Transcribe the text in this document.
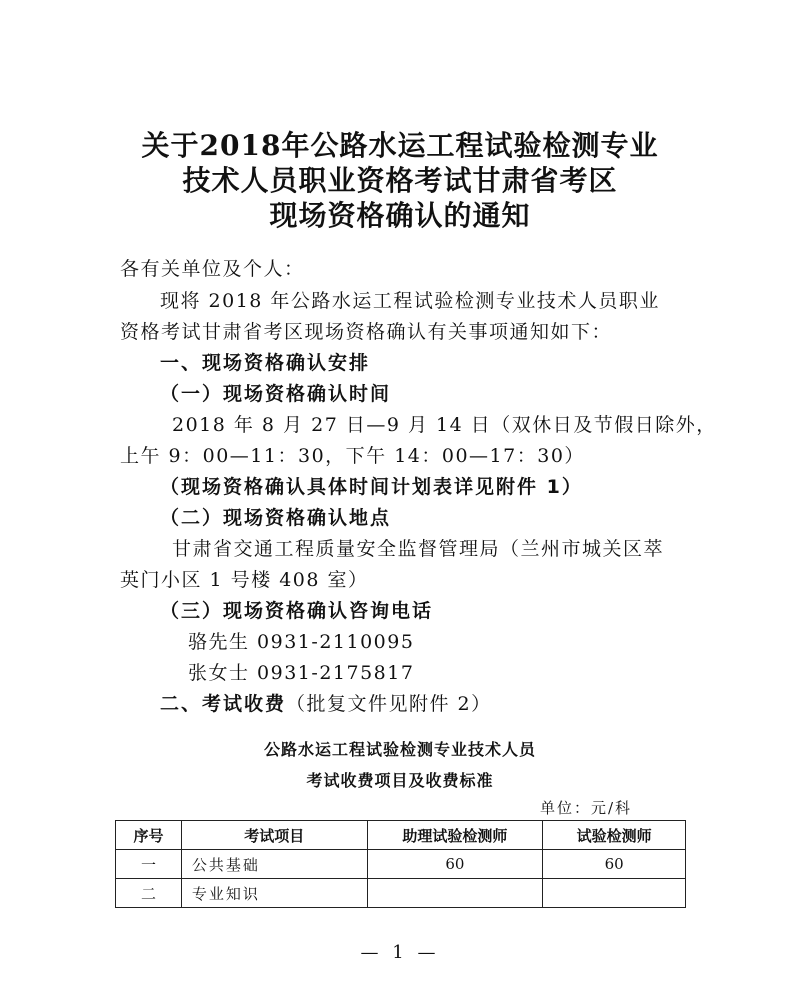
关于2018年公路水运工程试验检测专业
技术人员职业资格考试甘肃省考区
现场资格确认的通知
各有关单位及个人：
现将 2018 年公路水运工程试验检测专业技术人员职业
资格考试甘肃省考区现场资格确认有关事项通知如下：
一、现场资格确认安排
（一）现场资格确认时间
2018 年 8 月 27 日—9 月 14 日（双休日及节假日除外，
上午 9：00—11：30，下午 14：00—17：30）
（现场资格确认具体时间计划表详见附件 1）
（二）现场资格确认地点
甘肃省交通工程质量安全监督管理局（兰州市城关区萃
英门小区 1 号楼 408 室）
（三）现场资格确认咨询电话
骆先生 0931-2110095
张女士 0931-2175817
二、考试收费（批复文件见附件 2）
公路水运工程试验检测专业技术人员
考试收费项目及收费标准
单位：元/科
序号	考试项目	助理试验检测师	试验检测师
一	公共基础	60	60
二	专业知识		
— 1 —
